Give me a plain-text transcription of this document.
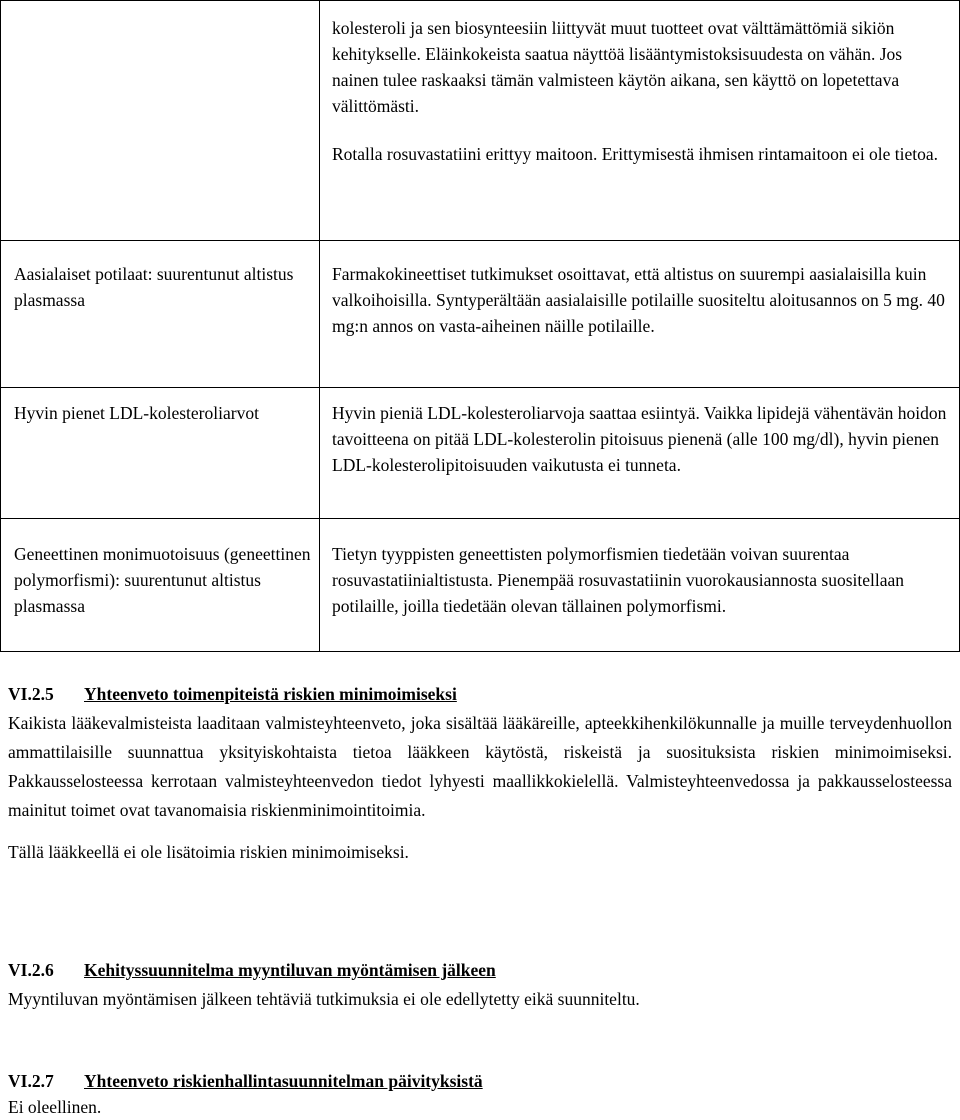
	kolesteroli ja sen biosynteesiin liittyvät muut tuotteet ovat välttämättömiä sikiön kehitykselle. Eläinkokeista saatua näyttöä lisääntymistoksisuudesta on vähän. Jos nainen tulee raskaaksi tämän valmisteen käytön aikana, sen käyttö on lopetettava välittömästi.

Rotalla rosuvastatiini erittyy maitoon. Erittymisestä ihmisen rintamaitoon ei ole tietoa.

Aasialaiset potilaat: suurentunut altistus plasmassa	Farmakokineettiset tutkimukset osoittavat, että altistus on suurempi aasialaisilla kuin valkoihoisilla. Syntyperältään aasialaisille potilaille suositeltu aloitusannos on 5 mg. 40 mg:n annos on vasta-aiheinen näille potilaille.

Hyvin pienet LDL-kolesteroliarvot	Hyvin pieniä LDL-kolesteroliarvoja saattaa esiintyä. Vaikka lipidejä vähentävän hoidon tavoitteena on pitää LDL-kolesterolin pitoisuus pienenä (alle 100 mg/dl), hyvin pienen LDL-kolesterolipitoisuuden vaikutusta ei tunneta.

Geneettinen monimuotoisuus (geneettinen polymorfismi): suurentunut altistus plasmassa	Tietyn tyyppisten geneettisten polymorfismien tiedetään voivan suurentaa rosuvastatiinialtistusta. Pienempää rosuvastatiinin vuorokausiannosta suositellaan potilaille, joilla tiedetään olevan tällainen polymorfismi.

VI.2.5 Yhteenveto toimenpiteistä riskien minimoimiseksi

Kaikista lääkevalmisteista laaditaan valmisteyhteenveto, joka sisältää lääkäreille, apteekkihenkilökunnalle ja muille terveydenhuollon ammattilaisille suunnattua yksityiskohtaista tietoa lääkkeen käytöstä, riskeistä ja suosituksista riskien minimoimiseksi. Pakkausselosteessa kerrotaan valmisteyhteenvedon tiedot lyhyesti maallikkokielellä. Valmisteyhteenvedossa ja pakkausselosteessa mainitut toimet ovat tavanomaisia riskienminimointitoimia.

Tällä lääkkeellä ei ole lisätoimia riskien minimoimiseksi.

VI.2.6 Kehityssuunnitelma myyntiluvan myöntämisen jälkeen

Myyntiluvan myöntämisen jälkeen tehtäviä tutkimuksia ei ole edellytetty eikä suunniteltu.

VI.2.7 Yhteenveto riskienhallintasuunnitelman päivityksistä

Ei oleellinen.
